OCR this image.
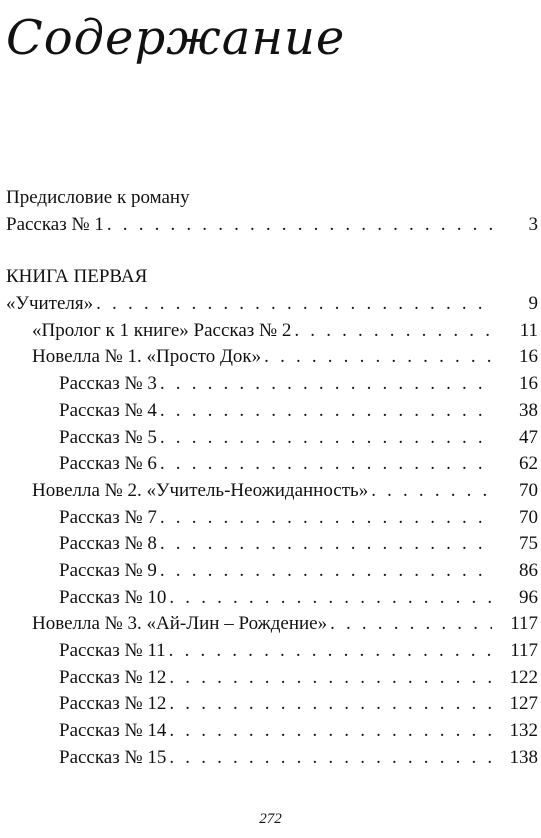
Содержание
Предисловие к роману
Рассказ № 1 . . .	3
КНИГА ПЕРВАЯ
«Учителя» . . .	9
«Пролог к 1 книге» Рассказ № 2 . . .	11
Новелла № 1. «Просто Док» . . .	16
Рассказ № 3 . . .	16
Рассказ № 4 . . .	38
Рассказ № 5 . . .	47
Рассказ № 6 . . .	62
Новелла № 2. «Учитель-Неожиданность» . . .	70
Рассказ № 7 . . .	70
Рассказ № 8 . . .	75
Рассказ № 9 . . .	86
Рассказ № 10 . . .	96
Новелла № 3. «Ай-Лин – Рождение» . . .	117
Рассказ № 11 . . .	117
Рассказ № 12 . . .	122
Рассказ № 12 . . .	127
Рассказ № 14 . . .	132
Рассказ № 15 . . .	138
272
